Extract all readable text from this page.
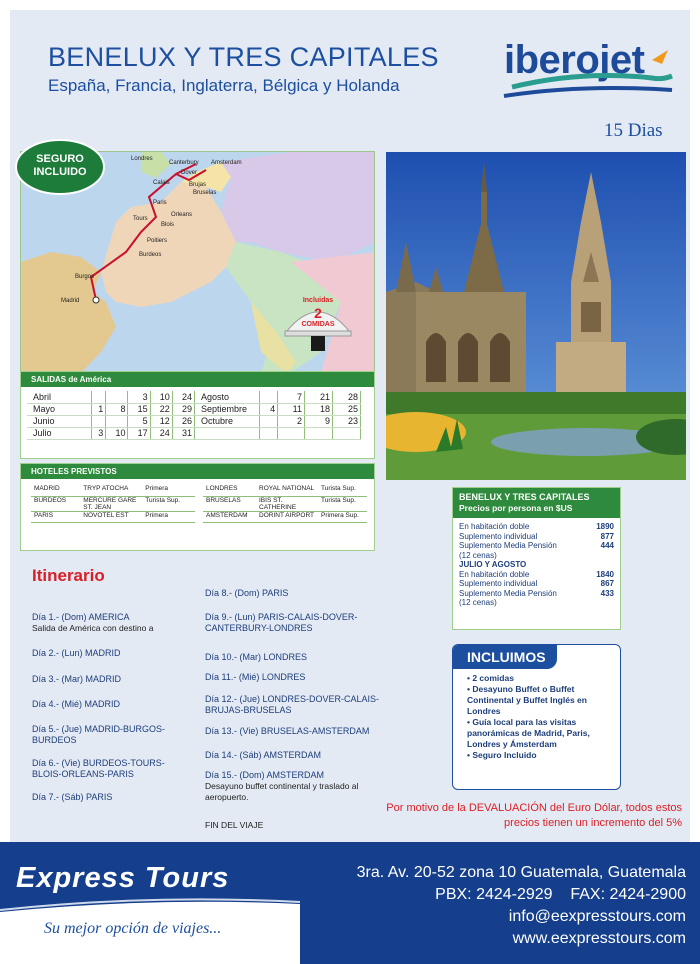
BENELUX Y TRES CAPITALES
España, Francia, Inglaterra, Bélgica y Holanda
iberojet
15 Dias
Londres
Canterbury Amsterdam
Calais
Dover
Brujas
Bruselas
Paris
Orleans
Tours
Blois
Poitiers
Burdeos
Burgos
Madrid
SEGURO
INCLUIDO
Incluidas
2
COMIDAS
SALIDAS de América
Abril			3	10	24
Mayo	1	8	15	22	29
Junio			5	12	26
Julio	3	10	17	24	31
Agosto		7	21	28
Septiembre	4	11	18	25
Octubre		2	9	23

HOTELES PREVISTOS
MADRID	TRYP ATOCHA	Primera
BURDEOS	MERCURE GARE ST. JEAN	Turista Sup.
PARIS	NOVOTEL EST	Primera
LONDRES	ROYAL NATIONAL	Turista Sup.
BRUSELAS	IBIS ST. CATHERINE	Turista Sup.
AMSTERDAM	DORINT AIRPORT	Primera Sup.
Itinerario
Día 1.- (Dom) AMERICA
Salida de América con destino a
Día 2.- (Lun) MADRID
Día 3.- (Mar) MADRID
Día 4.- (Mié) MADRID
Día 5.- (Jue) MADRID-BURGOS-BURDEOS
Día 6.- (Vie) BURDEOS-TOURS-BLOIS-ORLEANS-PARIS
Día 7.- (Sáb) PARIS
Día 8.- (Dom) PARIS
Día 9.- (Lun) PARIS-CALAIS-DOVER-CANTERBURY-LONDRES
Día 10.- (Mar) LONDRES
Día 11.- (Mié) LONDRES
Día 12.- (Jue) LONDRES-DOVER-CALAIS-BRUJAS-BRUSELAS
Día 13.- (Vie) BRUSELAS-AMSTERDAM
Día 14.- (Sáb) AMSTERDAM
Día 15.- (Dom) AMSTERDAM
Desayuno buffet continental y traslado al aeropuerto.
FIN DEL VIAJE
BENELUX Y TRES CAPITALES
Precios por persona en $US
En habitación doble	1890
Suplemento individual	877
Suplemento Media Pensión	444
(12 cenas)
JULIO Y AGOSTO
En habitación doble	1840
Suplemento individual	867
Suplemento Media Pensión	433
(12 cenas)
INCLUIMOS
• 2 comidas
• Desayuno Buffet o Buffet Continental y Buffet Inglés en Londres
• Guía local para las visitas panorámicas de Madrid, Paris, Londres y Ámsterdam
• Seguro Incluido
Por motivo de la DEVALUACIÓN del Euro Dólar, todos estos precios tienen un incremento del 5%
Express Tours
Su mejor opción de viajes...
3ra. Av. 20-52 zona 10 Guatemala, Guatemala
PBX: 2424-2929    FAX: 2424-2900
info@eexpresstours.com
www.eexpresstours.com
